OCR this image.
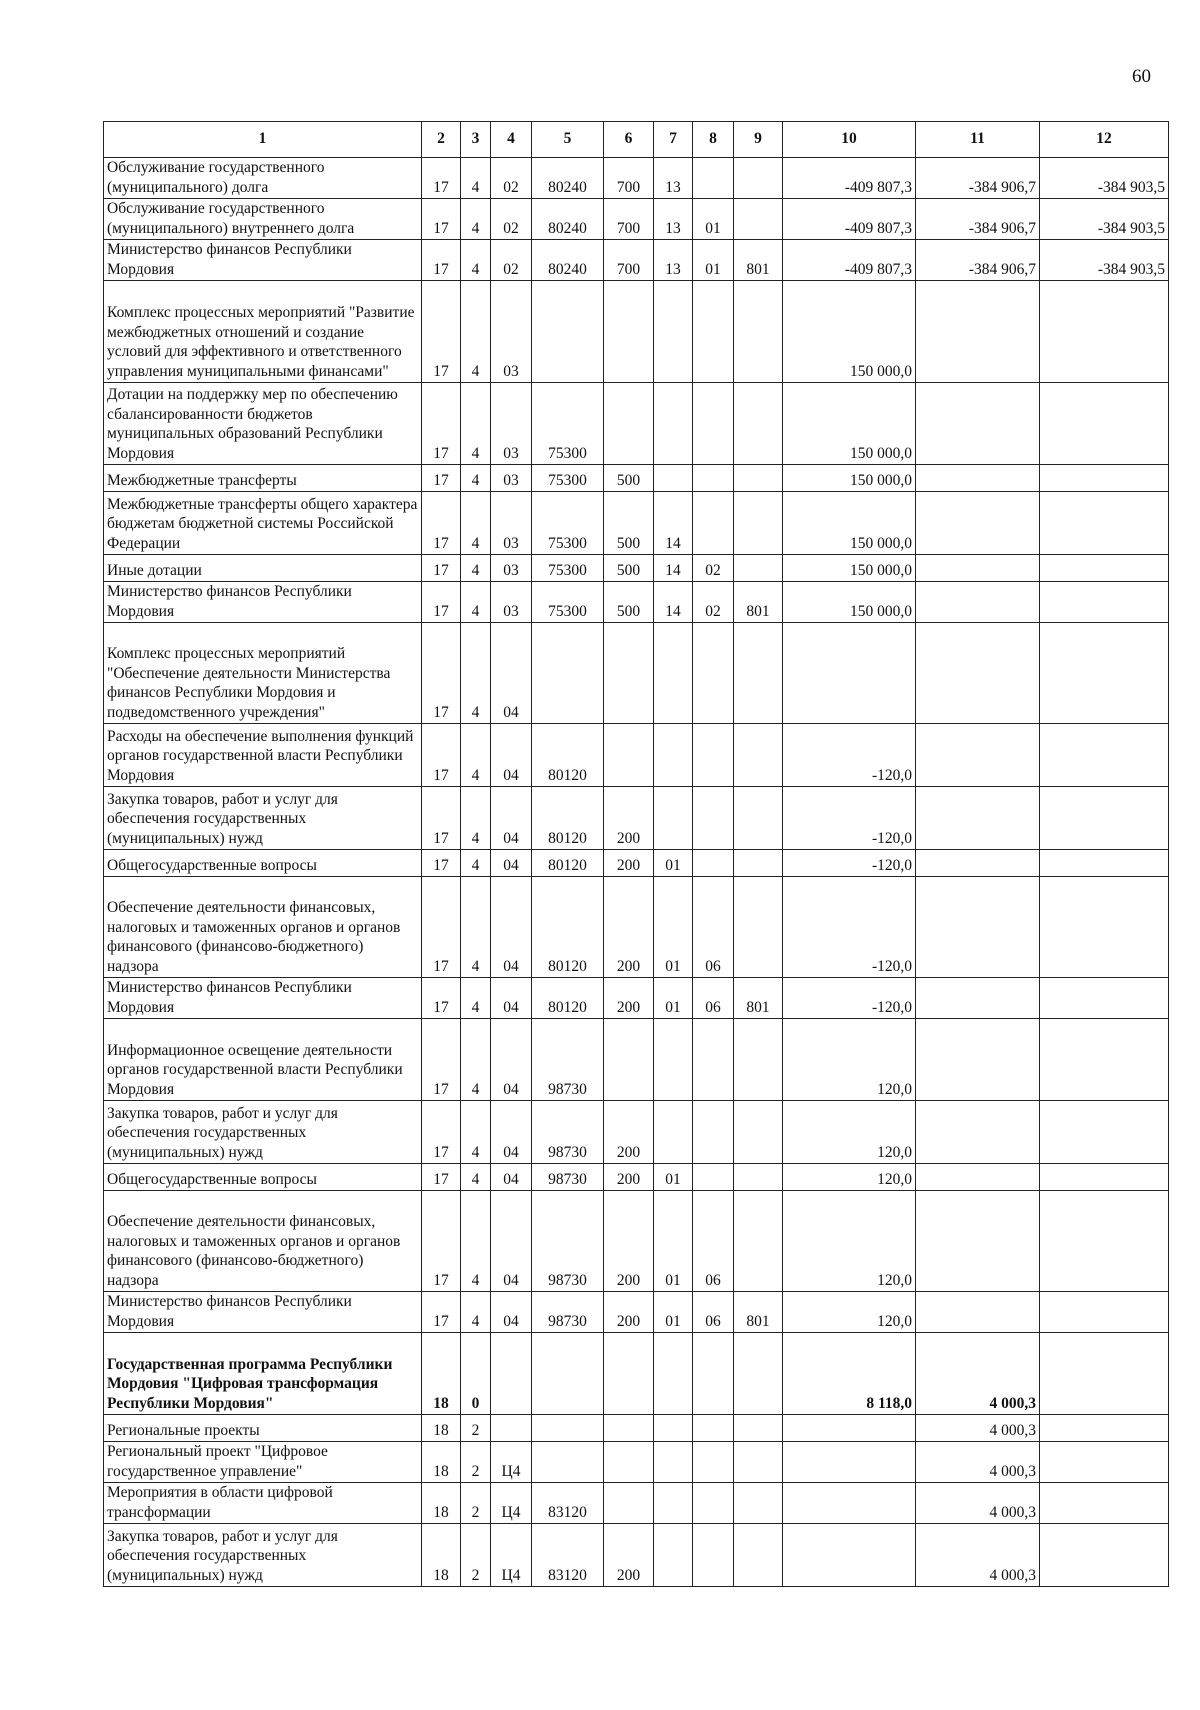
60
1	2	3	4	5	6	7	8	9	10	11	12
Обслуживание государственного (муниципального) долга	17	4	02	80240	700	13			-409 807,3	-384 906,7	-384 903,5
Обслуживание государственного (муниципального) внутреннего долга	17	4	02	80240	700	13	01		-409 807,3	-384 906,7	-384 903,5
Министерство финансов Республики Мордовия	17	4	02	80240	700	13	01	801	-409 807,3	-384 906,7	-384 903,5
Комплекс процессных мероприятий "Развитие межбюджетных отношений и создание условий для эффективного и ответственного управления муниципальными финансами"	17	4	03						150 000,0		
Дотации на поддержку мер по обеспечению сбалансированности бюджетов муниципальных образований Республики Мордовия	17	4	03	75300					150 000,0		
Межбюджетные трансферты	17	4	03	75300	500				150 000,0		
Межбюджетные трансферты общего характера бюджетам бюджетной системы Российской Федерации	17	4	03	75300	500	14			150 000,0		
Иные дотации	17	4	03	75300	500	14	02		150 000,0		
Министерство финансов Республики Мордовия	17	4	03	75300	500	14	02	801	150 000,0		
Комплекс процессных мероприятий "Обеспечение деятельности Министерства финансов Республики Мордовия и подведомственного учреждения"	17	4	04								
Расходы на обеспечение выполнения функций органов государственной власти Республики Мордовия	17	4	04	80120					-120,0		
Закупка товаров, работ и услуг для обеспечения государственных (муниципальных) нужд	17	4	04	80120	200				-120,0		
Общегосударственные вопросы	17	4	04	80120	200	01			-120,0		
Обеспечение деятельности финансовых, налоговых и таможенных органов и органов финансового (финансово-бюджетного) надзора	17	4	04	80120	200	01	06		-120,0		
Министерство финансов Республики Мордовия	17	4	04	80120	200	01	06	801	-120,0		
Информационное освещение деятельности органов государственной власти Республики Мордовия	17	4	04	98730					120,0		
Закупка товаров, работ и услуг для обеспечения государственных (муниципальных) нужд	17	4	04	98730	200				120,0		
Общегосударственные вопросы	17	4	04	98730	200	01			120,0		
Обеспечение деятельности финансовых, налоговых и таможенных органов и органов финансового (финансово-бюджетного) надзора	17	4	04	98730	200	01	06		120,0		
Министерство финансов Республики Мордовия	17	4	04	98730	200	01	06	801	120,0		
Государственная программа Республики Мордовия "Цифровая трансформация Республики Мордовия"	18	0							8 118,0	4 000,3	
Региональные проекты	18	2								4 000,3	
Региональный проект "Цифровое государственное управление"	18	2	Ц4							4 000,3	
Мероприятия в области цифровой трансформации	18	2	Ц4	83120						4 000,3	
Закупка товаров, работ и услуг для обеспечения государственных (муниципальных) нужд	18	2	Ц4	83120	200					4 000,3	
